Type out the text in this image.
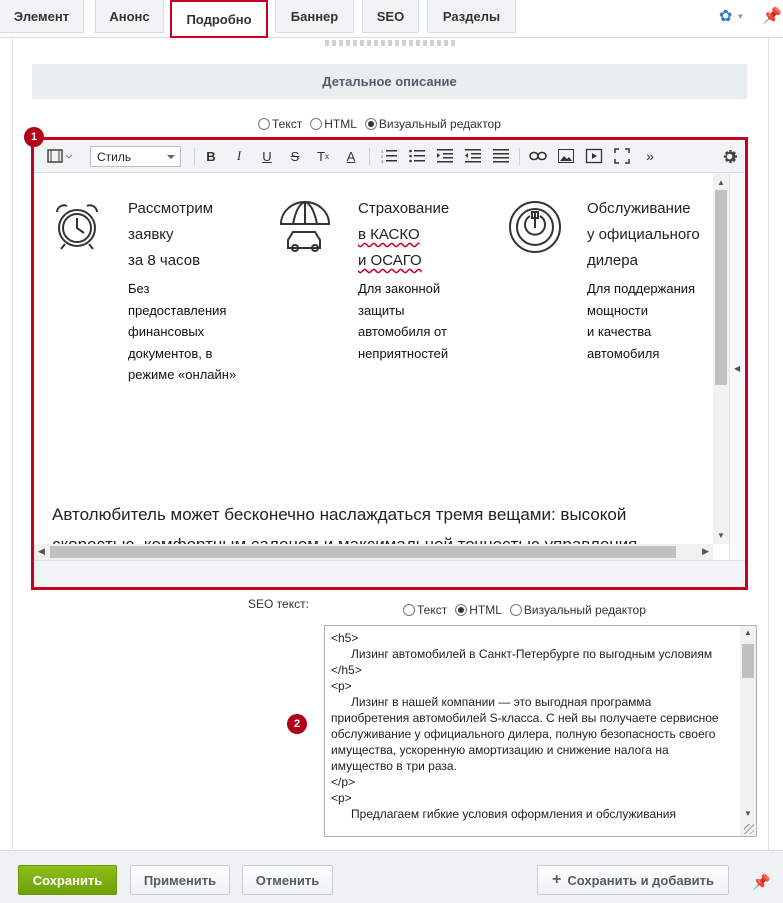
Элемент	Анонс	Подробно	Баннер	SEO	Разделы	✿ ▼ 📌
Детальное описание
Текст HTML Визуальный редактор
Стиль	B	I	U	S	T x	A	1
2
3	»
Рассмотрим
заявку
за 8 часов
Без
предоставления
финансовых
документов, в
режиме «онлайн»
Страхование
в КАСКО
и ОСАГО
Для законной
защиты
автомобиля от
неприятностей
Обслуживание
у официального
дилера
Для поддержания
мощности
и качества
автомобиля
Автолюбитель может бесконечно наслаждаться тремя вещами: высокой
▲
▼
◀	▶
◀
1
SEO текст:	Текст HTML Визуальный редактор
2
<h5>
	Лизинг автомобилей в Санкт-Петербурге по выгодным условиям
</h5>
<p>
	Лизинг в нашей компании — это выгодная программа приобретения автомобилей S-класса. С ней вы получаете сервисное обслуживание у официального дилера, полную безопасность своего имущества, ускоренную амортизацию и снижение налога на имущество в три раза.
</p>
<p>
	Предлагаем гибкие условия оформления и обслуживания
▲
▼
Сохранить	Применить	Отменить	+ Сохранить и добавить	📌
